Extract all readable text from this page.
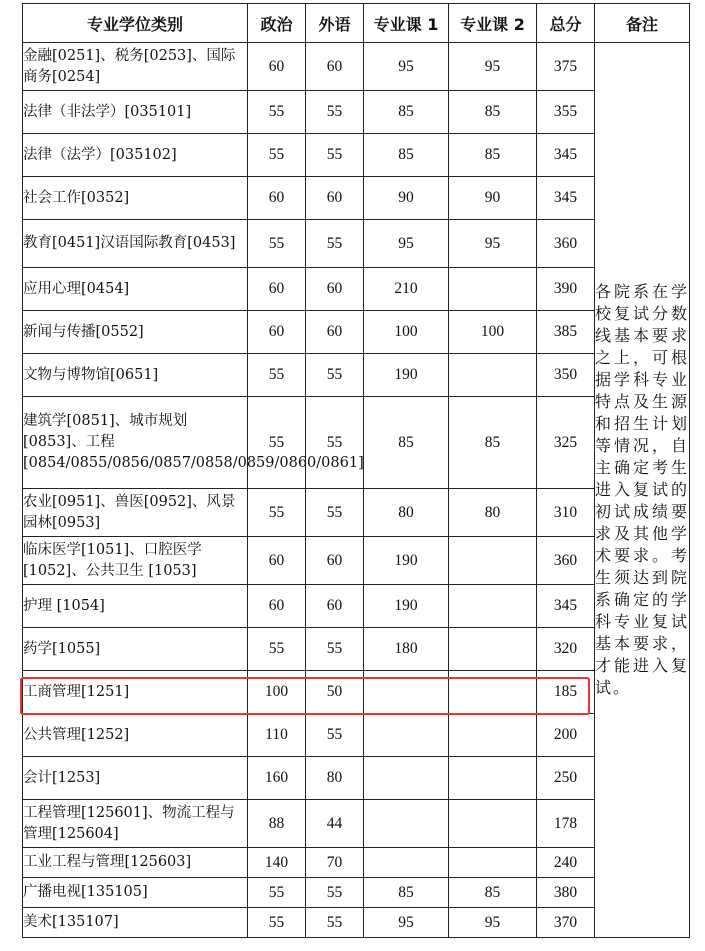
专业学位类别	政治	外语	专业课 1	专业课 2	总分	备注
金融[0251]、税务[0253]、国际商务[0254]	60	60	95	95	375	各院系在学校复试分数线基本要求之上，可根据学科专业特点及生源和招生计划等情况，自主确定考生进入复试的初试成绩要求及其他学术要求。考生须达到院系确定的学科专业复试基本要求，才能进入复试。
法律（非法学）[035101]	55	55	85	85	355	
法律（法学）[035102]	55	55	85	85	345	
社会工作[0352]	60	60	90	90	345	
教育[0451]汉语国际教育[0453]	55	55	95	95	360	
应用心理[0454]	60	60	210		390	
新闻与传播[0552]	60	60	100	100	385	
文物与博物馆[0651]	55	55	190		350	
建筑学[0851]、城市规划[0853]、工程[0854/0855/0856/0857/0858/0859/0860/0861]	55	55	85	85	325	
农业[0951]、兽医[0952]、风景园林[0953]	55	55	80	80	310	
临床医学[1051]、口腔医学[1052]、公共卫生 [1053]	60	60	190		360	
护理 [1054]	60	60	190		345	
药学[1055]	55	55	180		320	
工商管理[1251]	100	50			185	
公共管理[1252]	110	55			200	
会计[1253]	160	80			250	
工程管理[125601]、物流工程与管理[125604]	88	44			178	
工业工程与管理[125603]	140	70			240	
广播电视[135105]	55	55	85	85	380	
美术[135107]	55	55	95	95	370	
